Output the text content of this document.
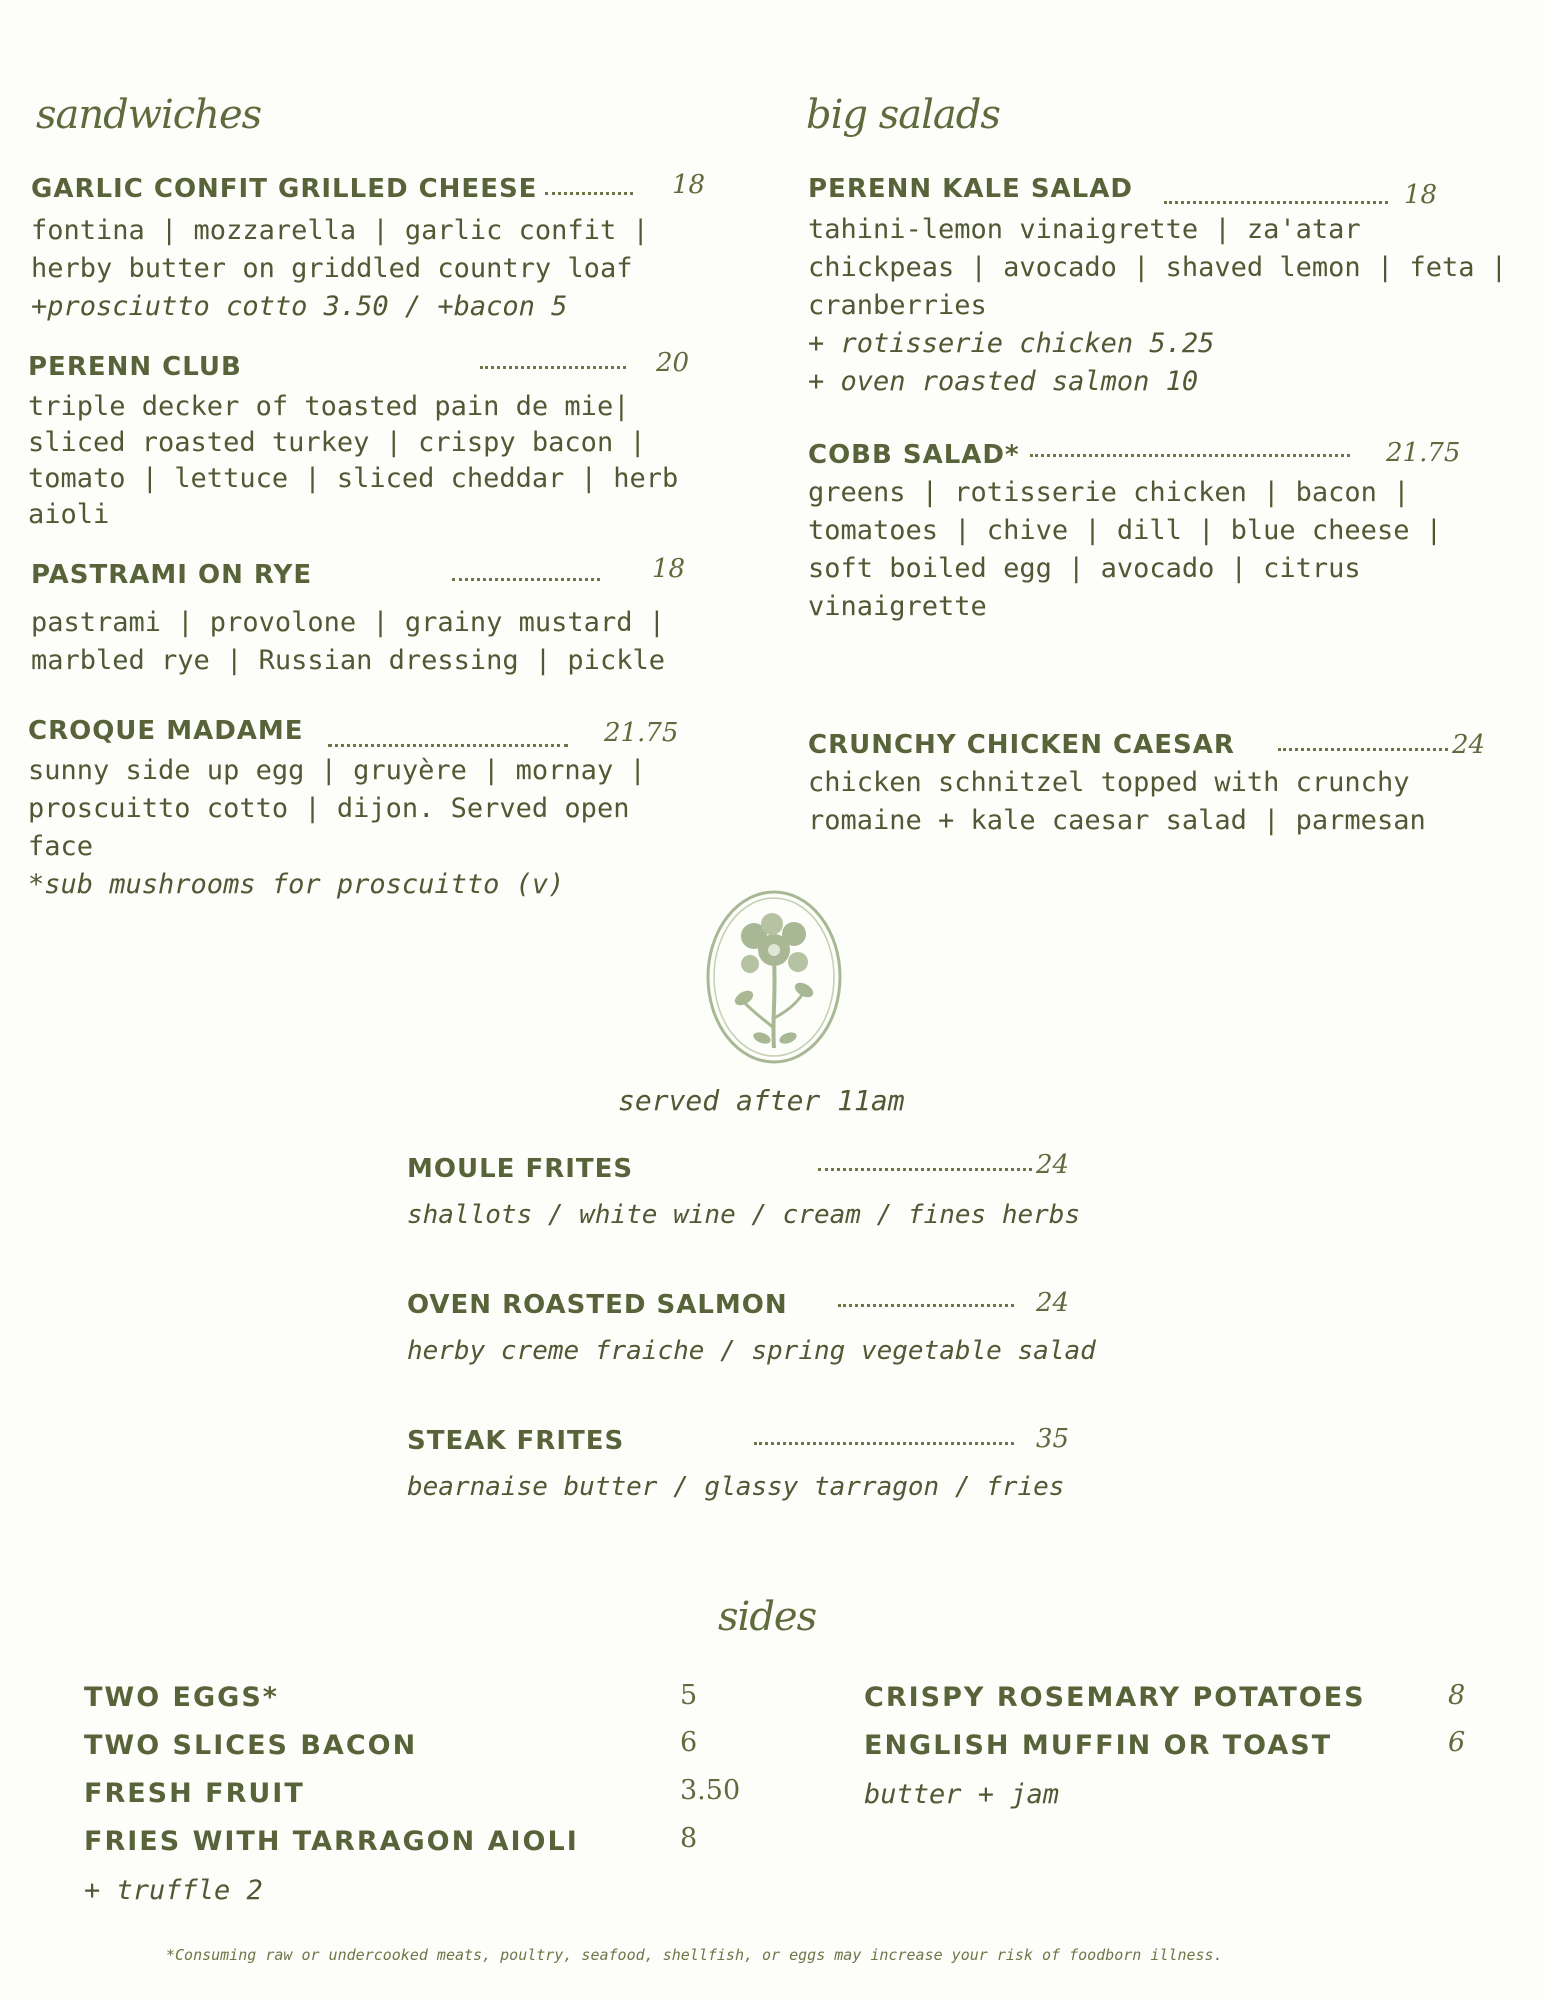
sandwiches
GARLIC CONFIT GRILLED CHEESE	18
fontina | mozzarella | garlic confit |
herby butter on griddled country loaf
+prosciutto cotto 3.50 / +bacon 5
PERENN CLUB	20
triple decker of toasted pain de mie|
sliced roasted turkey | crispy bacon |
tomato | lettuce | sliced cheddar | herb
aioli
PASTRAMI ON RYE	18
pastrami | provolone | grainy mustard |
marbled rye | Russian dressing | pickle
CROQUE MADAME	21.75
sunny side up egg | gruyère | mornay |
proscuitto cotto | dijon. Served open
face
*sub mushrooms for proscuitto (v)
big salads
PERENN KALE SALAD	18
tahini-lemon vinaigrette | za'atar
chickpeas | avocado | shaved lemon | feta |
cranberries
+ rotisserie chicken 5.25
+ oven roasted salmon 10
COBB SALAD*	21.75
greens | rotisserie chicken | bacon |
tomatoes | chive | dill | blue cheese |
soft boiled egg | avocado | citrus
vinaigrette
CRUNCHY CHICKEN CAESAR	24
chicken schnitzel topped with crunchy
romaine + kale caesar salad | parmesan
served after 11am
MOULE FRITES	24
shallots / white wine / cream / fines herbs
OVEN ROASTED SALMON	24
herby creme fraiche / spring vegetable salad
STEAK FRITES	35
bearnaise butter / glassy tarragon / fries
sides
TWO EGGS*	5
TWO SLICES BACON	6
FRESH FRUIT	3.50
FRIES WITH TARRAGON AIOLI	8
+ truffle 2
CRISPY ROSEMARY POTATOES	8
ENGLISH MUFFIN OR TOAST	6
butter + jam
*Consuming raw or undercooked meats, poultry, seafood, shellfish, or eggs may increase your risk of foodborn illness.
